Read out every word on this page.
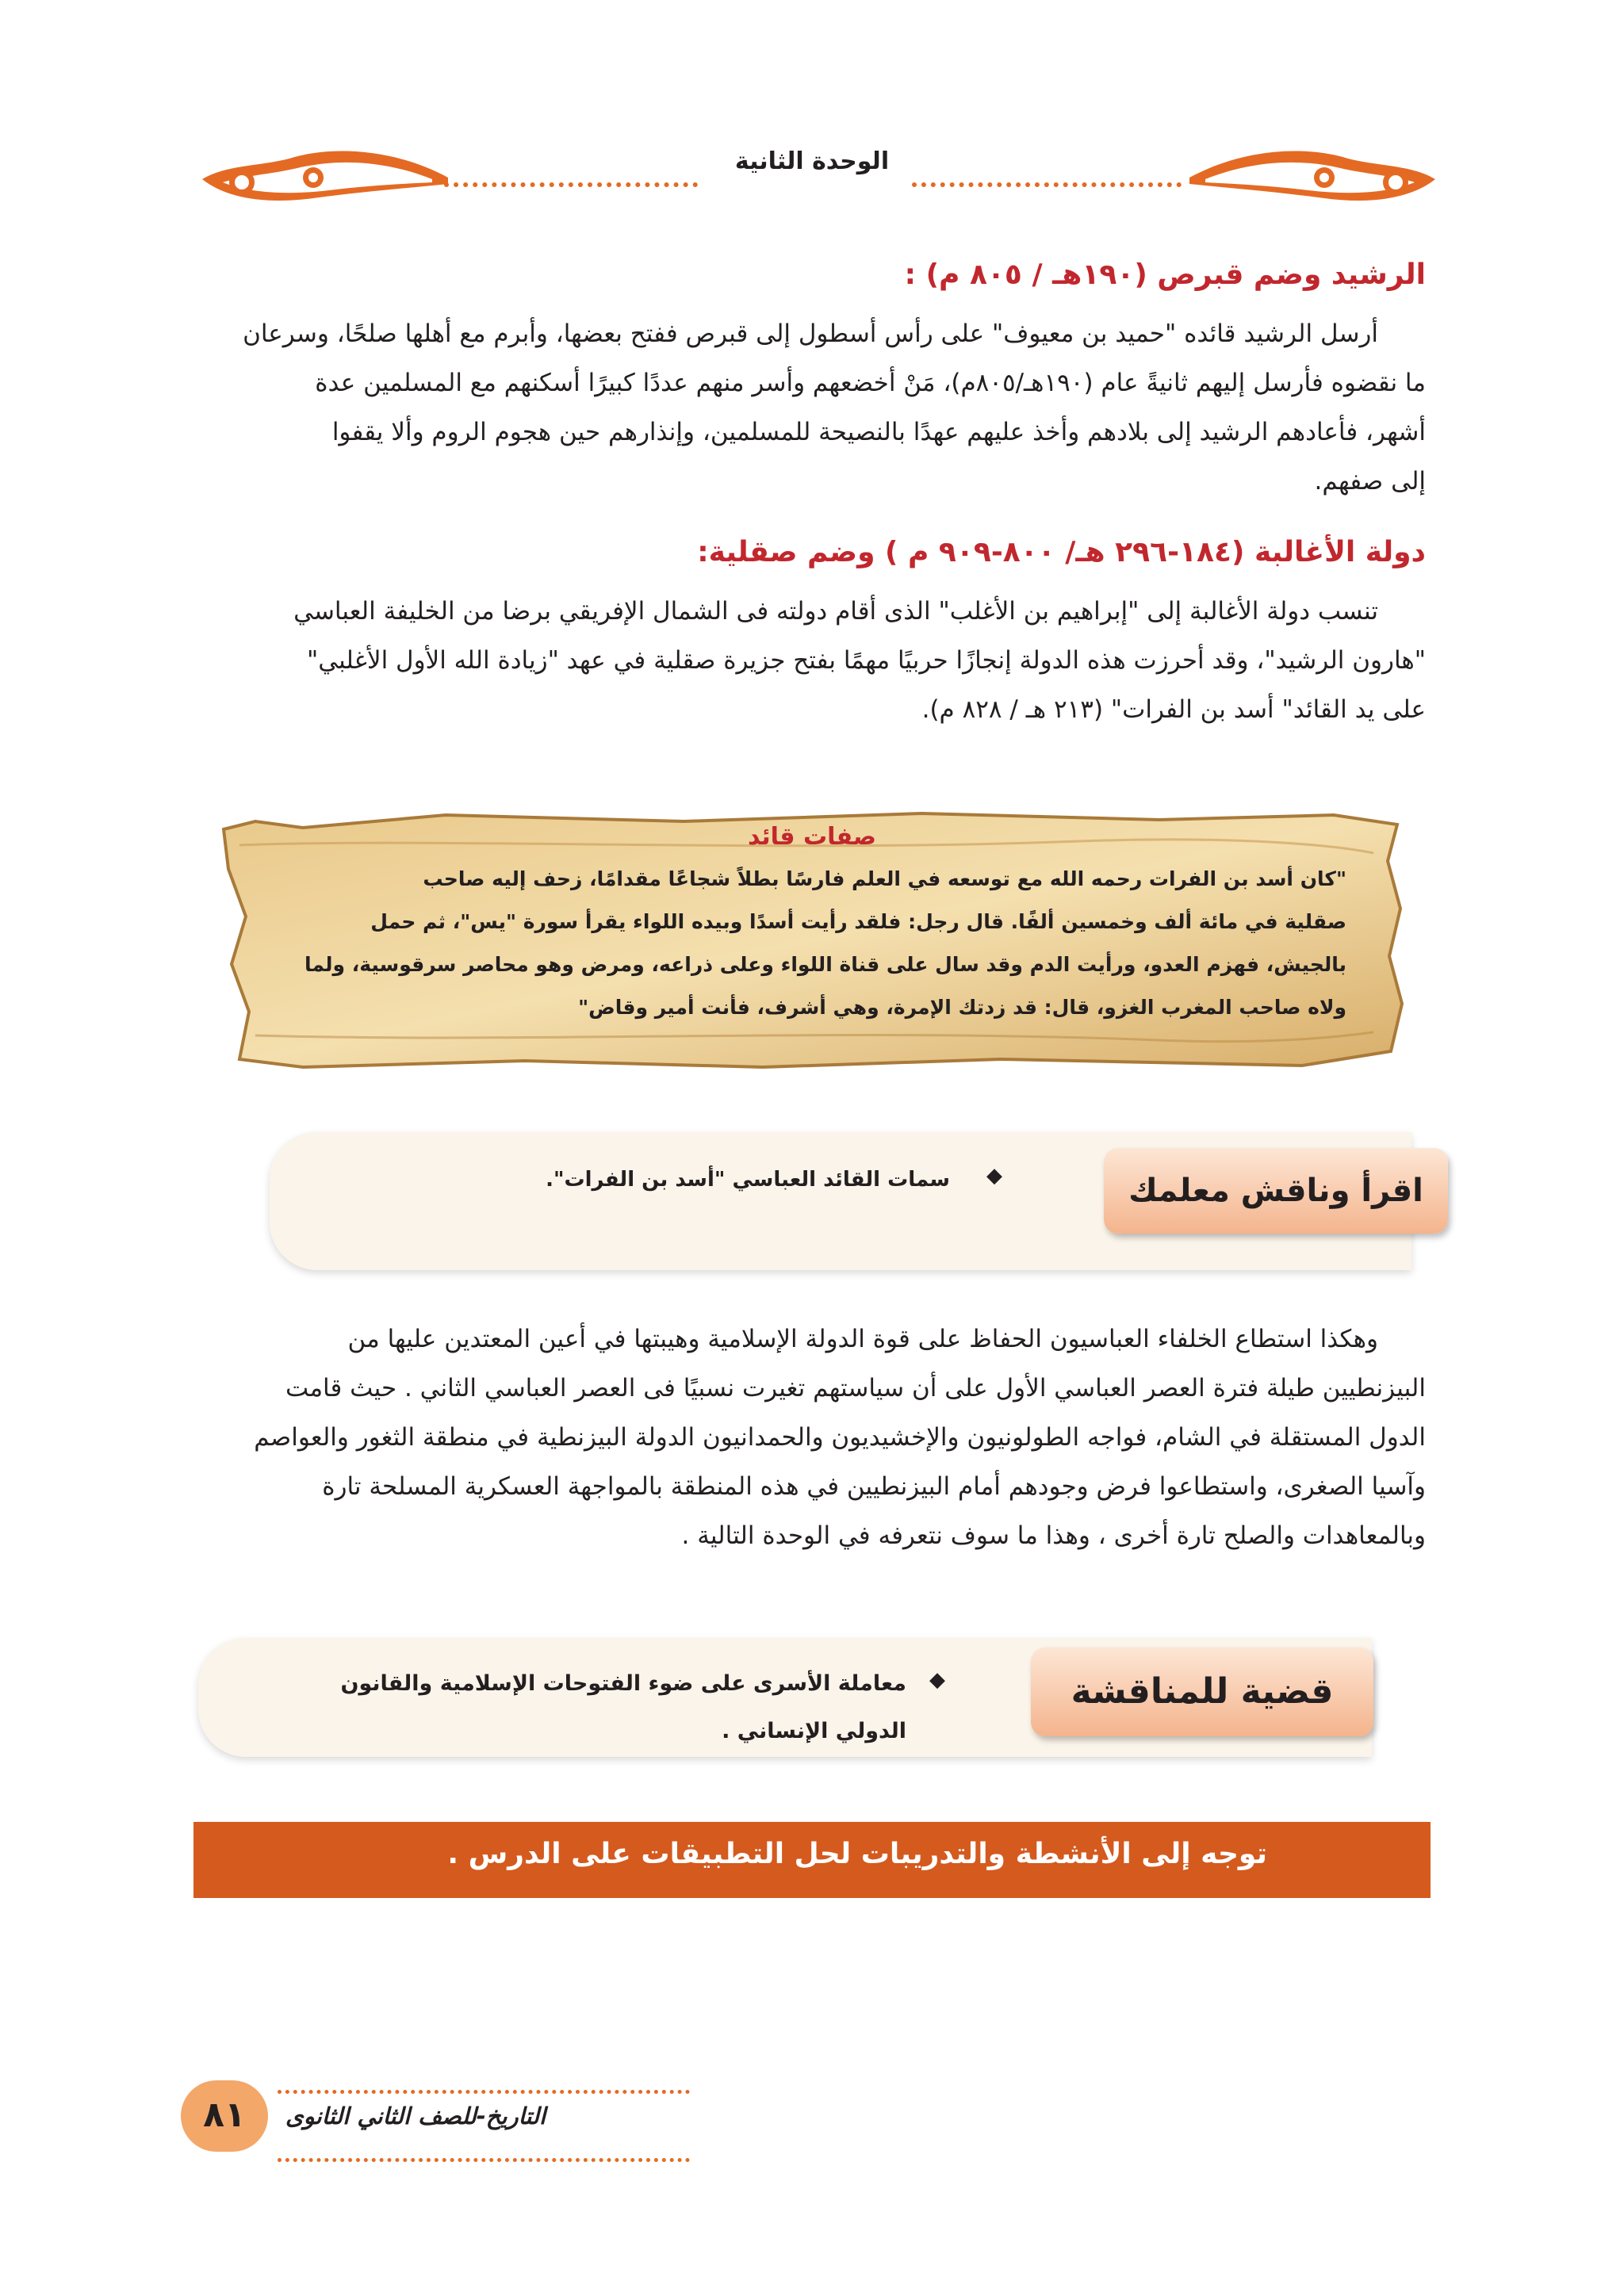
الوحدة الثانية
الرشيد وضم قبرص (١٩٠هـ / ٨٠٥ م) :

أرسل الرشيد قائده "حميد بن معيوف" على رأس أسطول إلى قبرص ففتح بعضها، وأبرم مع أهلها صلحًا، وسرعان

ما نقضوه فأرسل إليهم ثانيةً عام (١٩٠هـ/٨٠٥م)، مَنْ أخضعهم وأسر منهم عددًا كبيرًا أسكنهم مع المسلمين عدة

أشهر، فأعادهم الرشيد إلى بلادهم وأخذ عليهم عهدًا بالنصيحة للمسلمين، وإنذارهم حين هجوم الروم وألا يقفوا

إلى صفهم.

دولة الأغالبة (١٨٤-٢٩٦ هـ/ ٨٠٠-٩٠٩ م ) وضم صقلية:

تنسب دولة الأغالبة إلى "إبراهيم بن الأغلب" الذى أقام دولته فى الشمال الإفريقي برضا من الخليفة العباسي

"هارون الرشيد"، وقد أحرزت هذه الدولة إنجازًا حربيًا مهمًا بفتح جزيرة صقلية في عهد "زيادة الله الأول الأغلبي"

على يد القائد" أسد بن الفرات" (٢١٣ هـ / ٨٢٨ م).

صفات قائد

"كان أسد بن الفرات رحمه الله مع توسعه في العلم فارسًا بطلاً شجاعًا مقدامًا، زحف إليه صاحب

صقلية في مائة ألف وخمسين ألفًا. قال رجل: فلقد رأيت أسدًا وبيده اللواء يقرأ سورة "يس"، ثم حمل

بالجيش، فهزم العدو، ورأيت الدم وقد سال على قناة اللواء وعلى ذراعه، ومرض وهو محاصر سرقوسية، ولما

ولاه صاحب المغرب الغزو، قال: قد زدتك الإمرة، وهي أشرف، فأنت أمير وقاض"

اقرأ وناقش معلمك
◆
سمات القائد العباسي "أسد بن الفرات".

وهكذا استطاع الخلفاء العباسيون الحفاظ على قوة الدولة الإسلامية وهيبتها في أعين المعتدين عليها من

البيزنطيين طيلة فترة العصر العباسي الأول على أن سياستهم تغيرت نسبيًا فى العصر العباسي الثاني . حيث قامت

الدول المستقلة في الشام، فواجه الطولونيون والإخشيديون والحمدانيون الدولة البيزنطية في منطقة الثغور والعواصم

وآسيا الصغرى، واستطاعوا فرض وجودهم أمام البيزنطيين في هذه المنطقة بالمواجهة العسكرية المسلحة تارة

وبالمعاهدات والصلح تارة أخرى ، وهذا ما سوف نتعرفه في الوحدة التالية .

قضية للمناقشة
◆
معاملة الأسرى على ضوء الفتوحات الإسلامية والقانون
الدولي الإنساني .
توجه إلى الأنشطة والتدريبات لحل التطبيقات على الدرس .
٨١	التاريخ-للصف الثاني الثانوى
